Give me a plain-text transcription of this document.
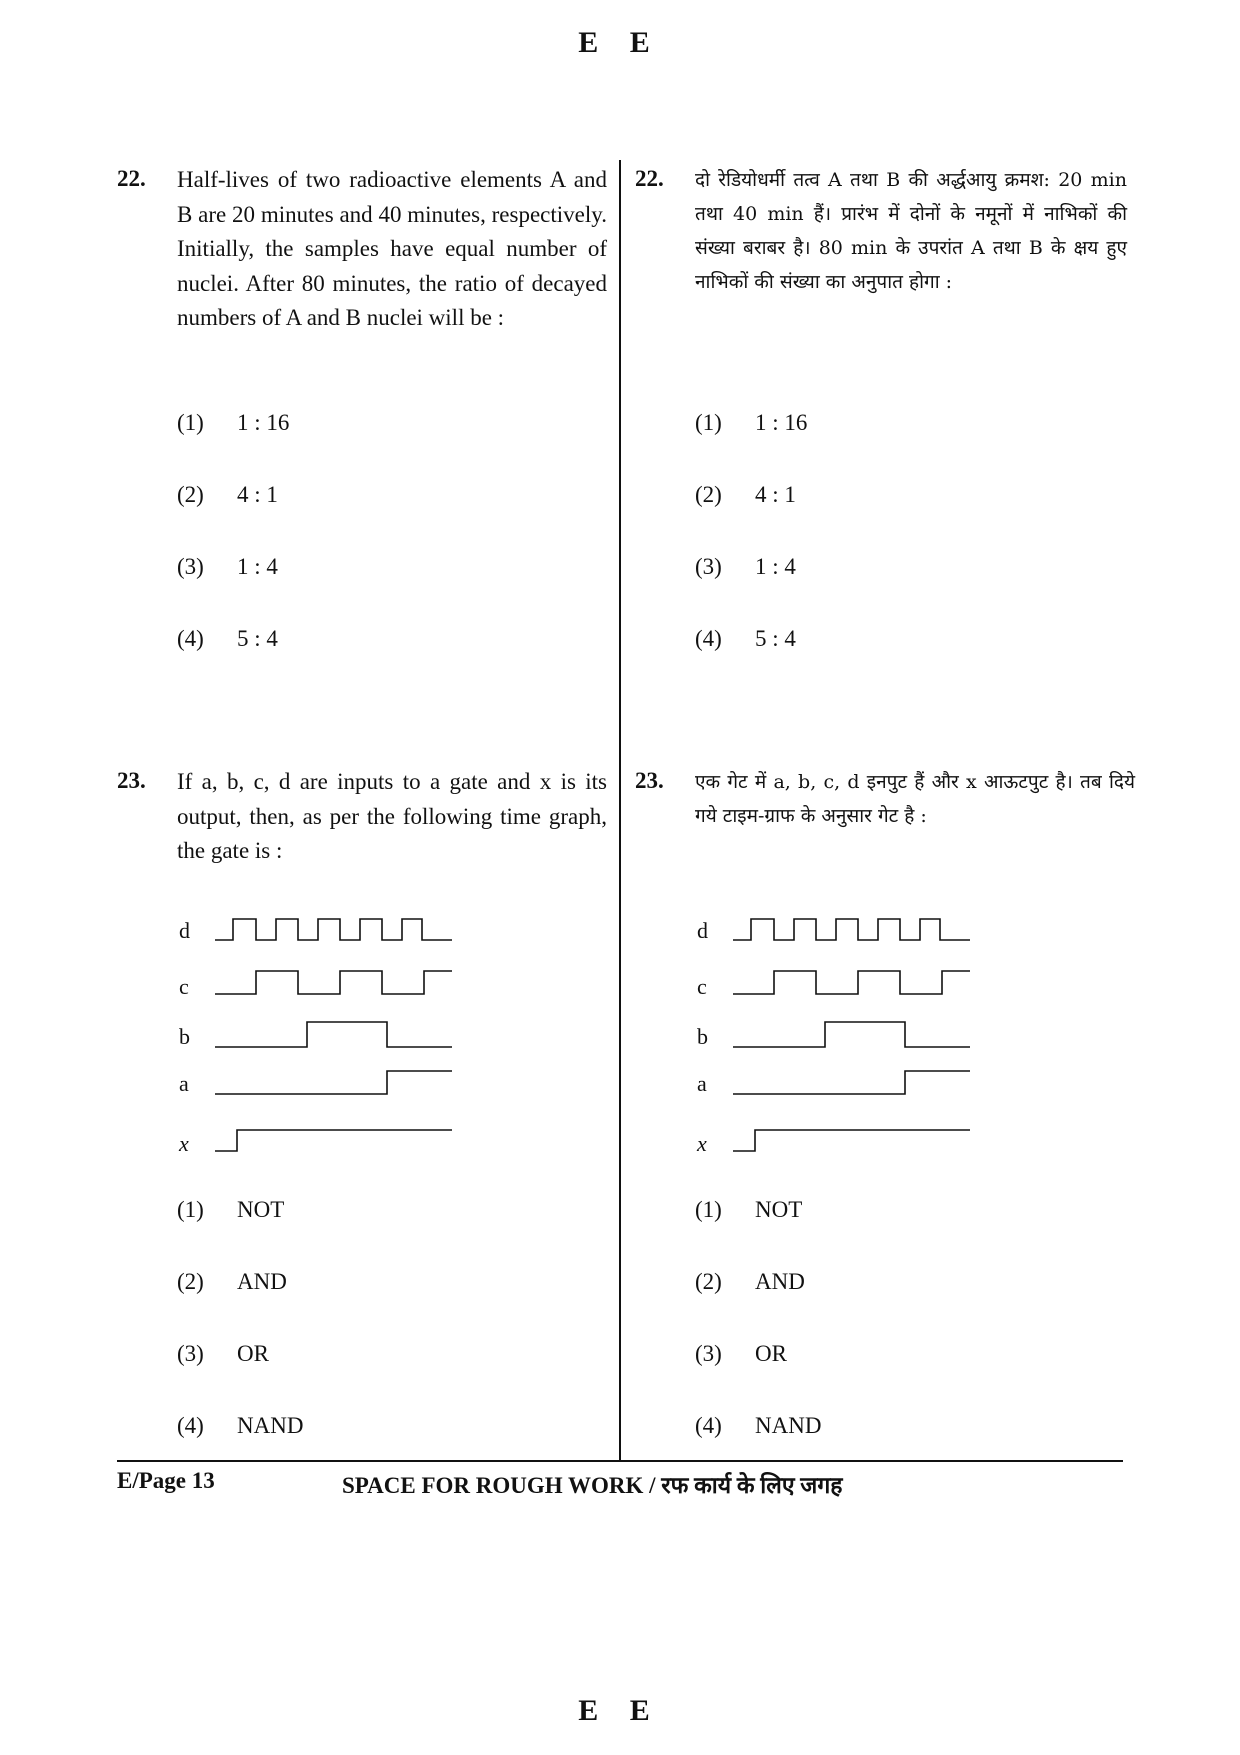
E E
22. Half-lives of two radioactive elements A and B are 20 minutes and 40 minutes, respectively. Initially, the samples have equal number of nuclei. After 80 minutes, the ratio of decayed numbers of A and B nuclei will be :
(1) 1 : 16
(2) 4 : 1
(3) 1 : 4
(4) 5 : 4
22. दो रेडियोधर्मी तत्व A तथा B की अर्द्धआयु क्रमश: 20 min तथा 40 min हैं। प्रारंभ में दोनों के नमूनों में नाभिकों की संख्या बराबर है। 80 min के उपरांत A तथा B के क्षय हुए नाभिकों की संख्या का अनुपात होगा :
(1) 1 : 16
(2) 4 : 1
(3) 1 : 4
(4) 5 : 4
23. If a, b, c, d are inputs to a gate and x is its output, then, as per the following time graph, the gate is :
d
c
b
a
x
(1) NOT
(2) AND
(3) OR
(4) NAND
23. एक गेट में a, b, c, d इनपुट हैं और x आऊटपुट है। तब दिये गये टाइम-ग्राफ के अनुसार गेट है :
d
c
b
a
x
(1) NOT
(2) AND
(3) OR
(4) NAND
E/Page 13	SPACE FOR ROUGH WORK / रफ कार्य के लिए जगह
E E
